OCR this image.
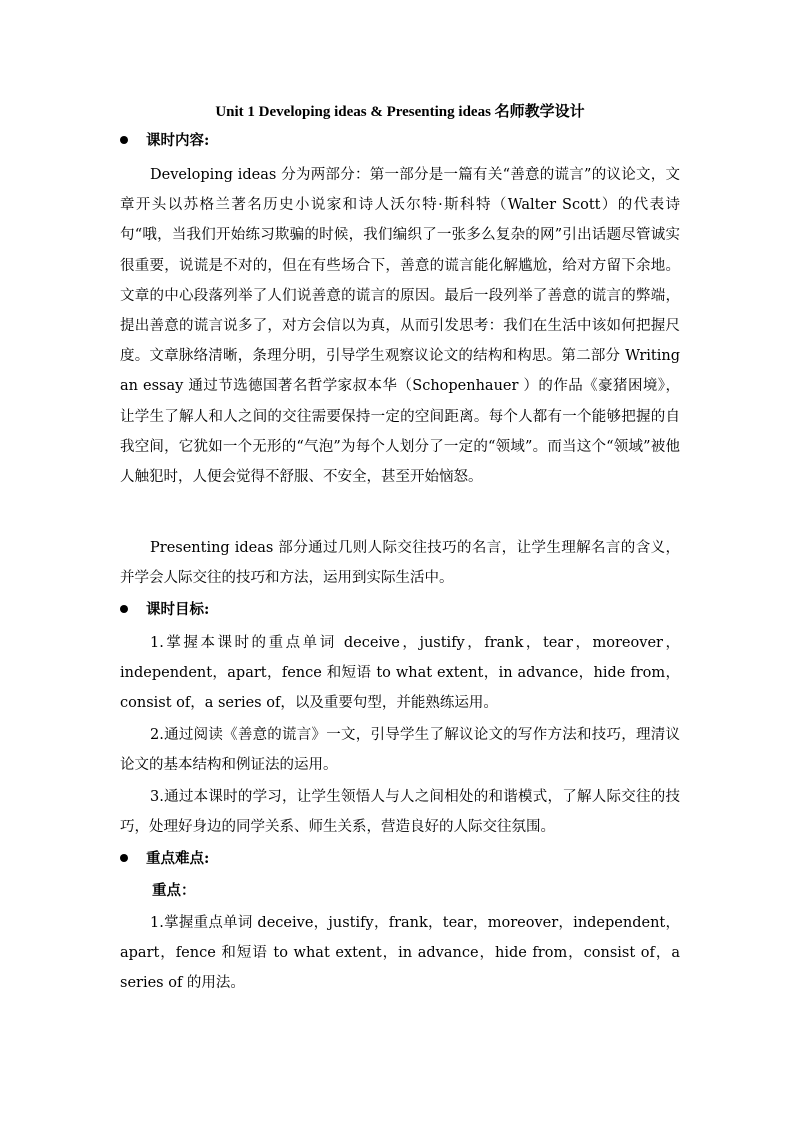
Unit 1 Developing ideas & Presenting ideas 名师教学设计
课时内容:
Developing ideas 分为两部分：第一部分是一篇有关“善意的谎言”的议论文，文章开头以苏格兰著名历史小说家和诗人沃尔特·斯科特（Walter Scott）的代表诗句“哦，当我们开始练习欺骗的时候，我们编织了一张多么复杂的网”引出话题尽管诚实很重要，说谎是不对的，但在有些场合下，善意的谎言能化解尴尬，给对方留下余地。文章的中心段落列举了人们说善意的谎言的原因。最后一段列举了善意的谎言的弊端，提出善意的谎言说多了，对方会信以为真，从而引发思考：我们在生活中该如何把握尺度。文章脉络清晰，条理分明，引导学生观察议论文的结构和构思。第二部分 Writing an essay 通过节选德国著名哲学家叔本华（Schopenhauer ）的作品《豪猪困境》，让学生了解人和人之间的交往需要保持一定的空间距离。每个人都有一个能够把握的自我空间，它犹如一个无形的“气泡”为每个人划分了一定的“领域”。而当这个“领域”被他人触犯时，人便会觉得不舒服、不安全，甚至开始恼怒。
Presenting ideas 部分通过几则人际交往技巧的名言，让学生理解名言的含义，并学会人际交往的技巧和方法，运用到实际生活中。
课时目标:
1.掌握本课时的重点单词 deceive，justify，frank，tear，moreover，independent，apart，fence 和短语 to what extent，in advance，hide from，consist of，a series of，以及重要句型，并能熟练运用。
2.通过阅读《善意的谎言》一文，引导学生了解议论文的写作方法和技巧，理清议论文的基本结构和例证法的运用。
3.通过本课时的学习，让学生领悟人与人之间相处的和谐模式，了解人际交往的技巧，处理好身边的同学关系、师生关系，营造良好的人际交往氛围。
重点难点:
重点：
1.掌握重点单词 deceive，justify，frank，tear，moreover，independent，apart，fence 和短语 to what extent，in advance，hide from，consist of，a series of 的用法。
